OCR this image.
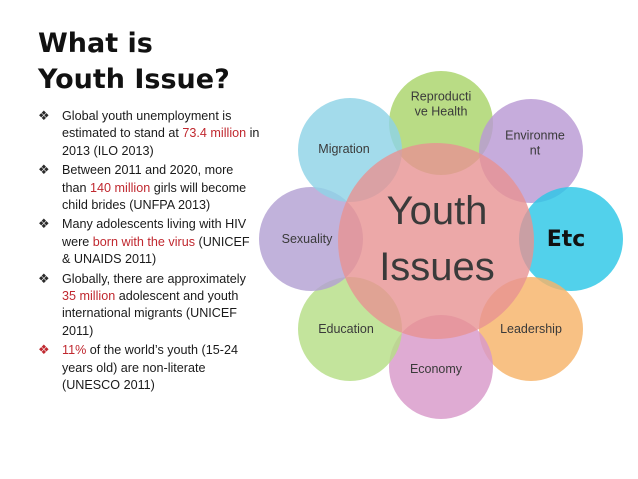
What is
Youth Issue?
❖ Global youth unemployment is estimated to stand at 73.4 million in 2013 (ILO 2013)
❖ Between 2011 and 2020, more than 140 million girls will become child brides (UNFPA 2013)
❖ Many adolescents living with HIV were born with the virus (UNICEF & UNAIDS 2011)
❖ Globally, there are approximately 35 million adolescent and youth international migrants (UNICEF 2011)
❖ 11% of the world’s youth (15-24 years old) are non-literate (UNESCO 2011)
Reproducti ve Health
Environme nt
Etc
Leadership
Economy
Education
Sexuality
Migration
Youth Issues
